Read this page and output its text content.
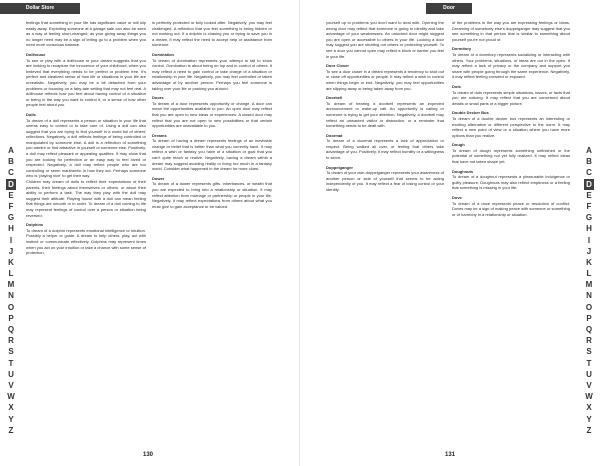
Dollar Store

feelings that something in your life has significant value or will slip easily away. Exploiting someone at a garage sale can also be seen as a way of feeling short-changed, as your giving away things you no longer need may be a sign of letting go to a problem when you need more conscious balance.

Dollhouse

To see or play with a dollhouse or your dream suggests that you are looking to recapture the innocence of your childhood, when you believed that everything needs to be perfect or problem free. It's perfect and idealized sense of how life or situations in your life are unrealistic. Negatively, you may be a bit detached from your problems or focusing on a fairy-tale setting that may not feel real. A dollhouse reflects how you feel about having control of a situation or being in the way you want to control it, or a sense of how other people feel about you.

Dolls

To dream of a doll represents a person or situation in your life that seems easy to control or to take care of. Using a doll can also suggest that you are trying to find yourself in a world full of others' reflections. Negatively, a doll reflects feelings of being controlled or manipulated by someone else. A doll is a reflection of something you admire or find attractive in yourself or someone else. Positively, a doll may reflect pleasant or appealing qualities. It may show that you are looking for perfection or an easy way to feel loved or respected. Negatively, a doll may reflect people who are too controlling or seem inauthentic in how they act. Perhaps someone who is 'playing nice' to get their way.

Children may dream of dolls to reflect their expectations of their parents, their feelings about themselves or others, or about their ability to perform a task. The way they play with the doll may suggest their attitude. Playing house with a doll can mean feeling that things are smooth or in order. To dream of a doll coming to life may represent feelings of control over a person or situation being reversed.

Dolphins

To dream of a dolphin represents emotional intelligence or intuition. Possibly a helper or guide. A dream to help others, play, act with instinct or communicate effectively. Dolphins may represent times when you act on your intuition or take a chance with some sense of protection.

is perfectly protected or fully looked after. Negatively, you may feel challenged. A reflection that you feel something is being hidden or not working out. If a dolphin is chasing you or trying to save you in a dream, it may reflect the need to accept help or assistance from someone.

Domination

To dream of domination represents your attempt to fail to show control. Domination is about being on top and in control of others. It may reflect a need to gain control or take charge of a situation or relationship in your life. Negatively, you may feel controlled or taken advantage of by another person. Perhaps you feel someone is taking over your life or pushing you around.

Doors

To dream of a door represents opportunity or change. A door can mean the opportunities available to you. An open door may reflect that you are open to new ideas or experiences. A closed door may reflect that you are not open to new possibilities or that certain opportunities are unavailable to you.

Dreams

To dream of having a dream represents feelings of an inevitable change or belief that is better than what you currently have. It may reflect a wish or fantasy you have of a situation or goal that you can't quite reach or realize. Negatively, having a dream within a dream may suggest avoiding reality or living too much in a fantasy world. Consider what happened in the dream for more clues.

Dower

To dream of a dower represents gifts, inheritances, or wealth that you are expected to bring into a relationship or situation. It may reflect attention from marriage or partnership or people in your life. Negatively, it may reflect expectations from others about what you must give to gain acceptance or be valued.

A
B
C
D
E
F
G
H
I
J
K
L
M
N
O
P
Q
R
S
T
U
V
W
X
Y
Z
130
Door

yourself up to problems you don't want to deal with. Opening the wrong door may reflect that someone is going to identify and take advantage of your weaknesses. An unlocked door might suggest you are open or accessible to others in your life. Locking a door may suggest you are shutting out others or protecting yourself. To see a door you cannot open may reflect a block or barrier you feel in your life.

Door Closer

To see a door closer in a dream represents a tendency to shut out or close off opportunities or people. It may reflect a wish to control when things begin or end. Negatively, you may feel opportunities are slipping away or being taken away from you.

Doorbell

To dream of hearing a doorbell represents an expected announcement or wake-up call. An opportunity is calling or someone is trying to get your attention. Negatively, a doorbell may reflect an unwanted visitor or distraction, or a reminder that something needs to be dealt with.

Doormat

To dream of a doormat represents a lack of appreciation or respect. Being walked all over, or feeling that others take advantage of you. Positively, it may reflect humility or a willingness to serve.

Doppelganger

To dream of your own doppelganger represents your awareness of another person or side of yourself that seems to be acting independently of you. It may reflect a fear of losing control or your identity.

of the problems in the way you are expressing feelings or ideas. Dreaming of somebody else's doppelganger may suggest that you see something in that person that is similar to something about yourself you're not proud of.

Dormitory

To dream of a dormitory represents socializing or interacting with others. Your problems, situations, or ideas are out in the open. It may reflect a lack of privacy or the company and support you share with people going through the same experience. Negatively, it may reflect feeling crowded or exposed.

Dots

To dream of dots represents simple situations, issues, or facts that you are noticing. It may reflect that you are concerned about details or small parts of a bigger picture.

Double Decker Bus

To dream of a double decker bus represents an interesting or exciting alternative or different perspective to the norm. It may reflect a new point of view or a situation where you have more options than you realize.

Dough

To dream of dough represents something unfinished or the potential of something not yet fully realized. It may reflect ideas that have not taken shape yet.

Doughnuts

To dream of a doughnut represents a pleasurable indulgence or guilty pleasure. Doughnuts may also reflect emptiness or a feeling that something is missing in your life.

Dove

To dream of a dove represents peace or resolution of conflict. Doves may be a sign of making peace with someone or something or of harmony in a relationship or situation.

A
B
C
D
E
F
G
H
I
J
K
L
M
N
O
P
Q
R
S
T
U
V
W
X
Y
Z
131
